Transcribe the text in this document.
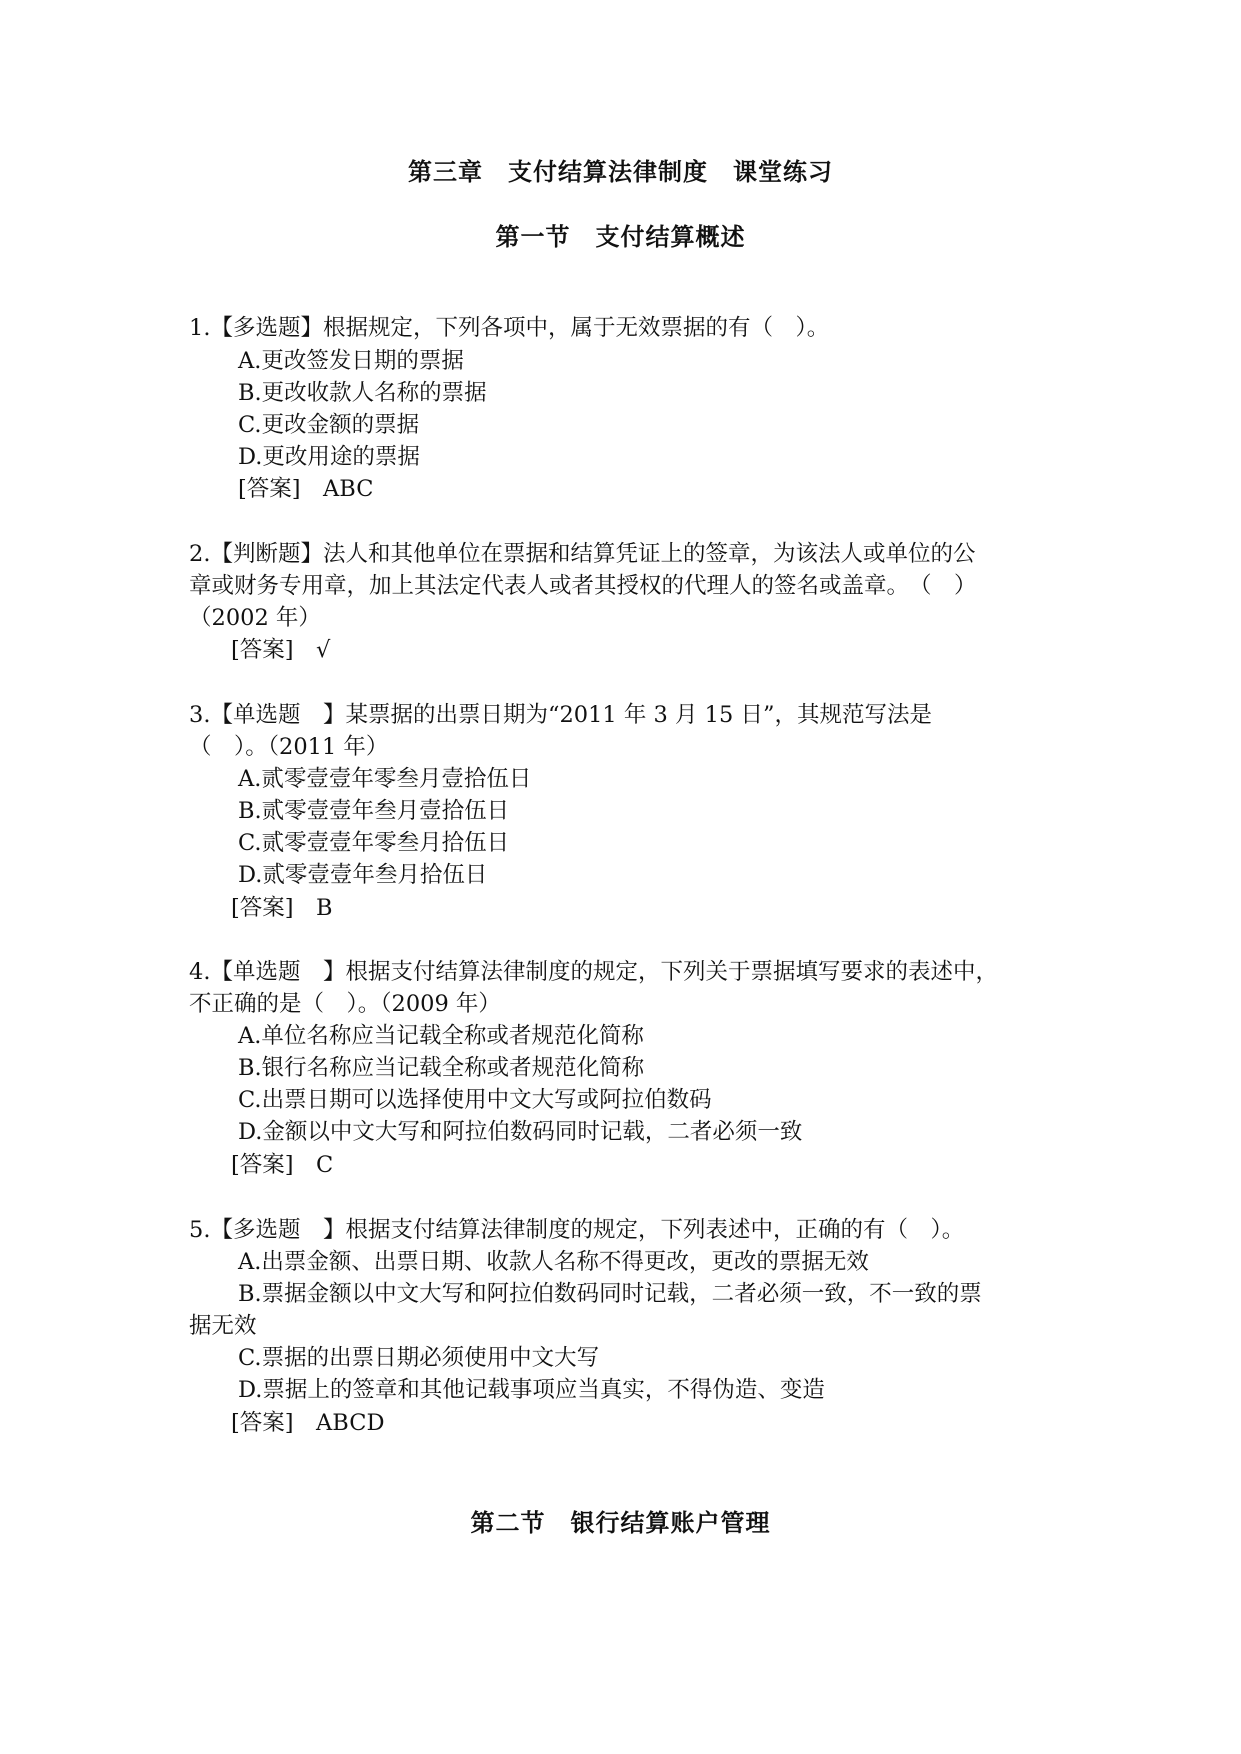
第三章　支付结算法律制度　课堂练习
第一节　支付结算概述
1.【多选题】根据规定，下列各项中，属于无效票据的有（　）。
A.更改签发日期的票据
B.更改收款人名称的票据
C.更改金额的票据
D.更改用途的票据
[答案]　ABC
2.【判断题】法人和其他单位在票据和结算凭证上的签章，为该法人或单位的公
章或财务专用章，加上其法定代表人或者其授权的代理人的签名或盖章。　（　）
（2002 年）
[答案]　√
3.【单选题　】某票据的出票日期为“2011 年 3 月 15 日”，其规范写法是
（　）。（2011 年）
A.贰零壹壹年零叁月壹拾伍日
B.贰零壹壹年叁月壹拾伍日
C.贰零壹壹年零叁月拾伍日
D.贰零壹壹年叁月拾伍日
[答案]　B
4.【单选题　】根据支付结算法律制度的规定，下列关于票据填写要求的表述中，
不正确的是（　）。（2009 年）
A.单位名称应当记载全称或者规范化简称
B.银行名称应当记载全称或者规范化简称
C.出票日期可以选择使用中文大写或阿拉伯数码
D.金额以中文大写和阿拉伯数码同时记载，二者必须一致
[答案]　C
5.【多选题　】根据支付结算法律制度的规定，下列表述中，正确的有（　）。
A.出票金额、出票日期、收款人名称不得更改，更改的票据无效
B.票据金额以中文大写和阿拉伯数码同时记载，二者必须一致，不一致的票
据无效
C.票据的出票日期必须使用中文大写
D.票据上的签章和其他记载事项应当真实，不得伪造、变造
[答案]　ABCD
第二节　银行结算账户管理
